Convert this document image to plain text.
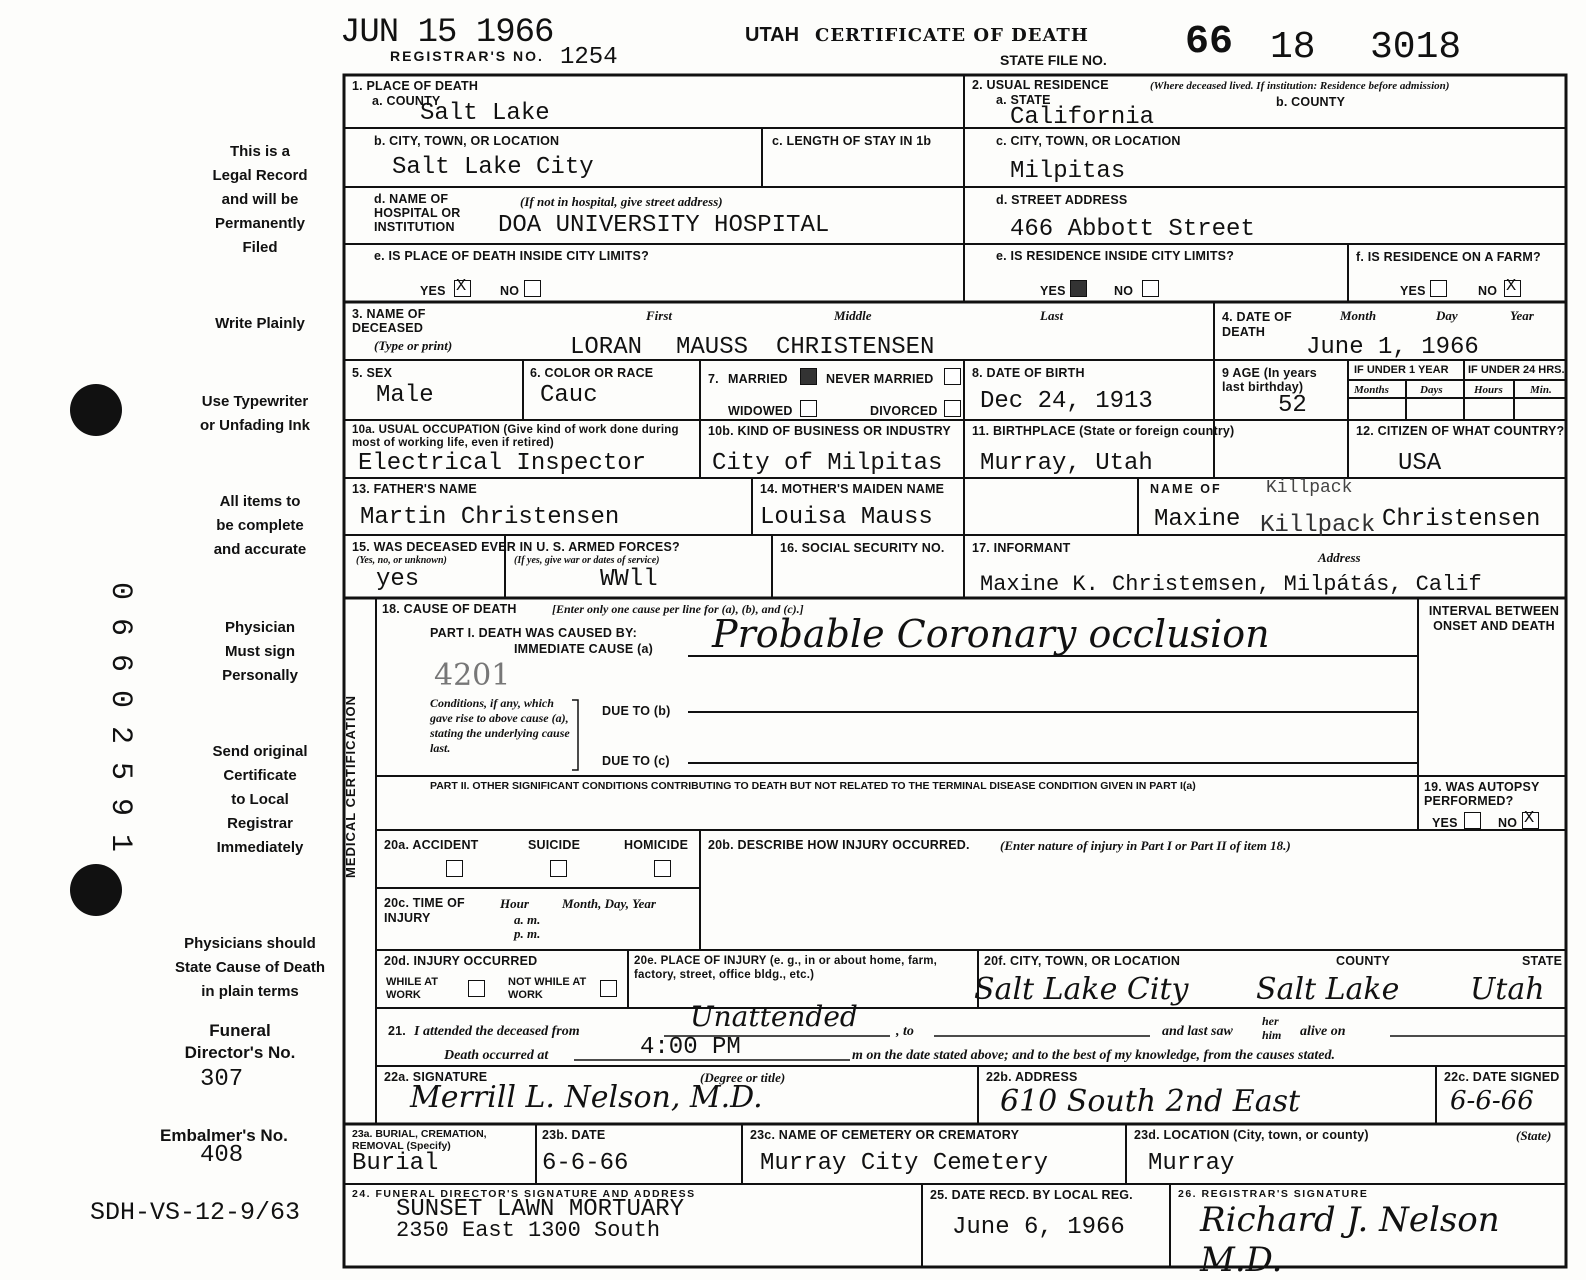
JUN 15 1966
REGISTRAR'S NO. 1254
UTAH CERTIFICATE OF DEATH
STATE FILE NO. 66 18 3018
This is a
Legal Record
and will be
Permanently
Filed
Write Plainly
Use Typewriter
or Unfading Ink
All items to
be complete
and accurate
Physician
Must sign
Personally
Send original
Certificate
to Local
Registrar
Immediately
Physicians should
State Cause of Death
in plain terms
Funeral
Director's No.
307
Embalmer's No.
408
SDH-VS-12-9/63
0 6 6 0 2 5 9 1
1. PLACE OF DEATH
a. COUNTY
Salt Lake
2. USUAL RESIDENCE	(Where deceased lived. If institution: Residence before admission)
a. STATE	b. COUNTY
California
b. CITY, TOWN, OR LOCATION
Salt Lake City
c. LENGTH OF STAY IN 1b	c. CITY, TOWN, OR LOCATION
Milpitas
d. NAME OF HOSPITAL OR INSTITUTION
(If not in hospital, give street address)
DOA UNIVERSITY HOSPITAL
d. STREET ADDRESS
466 Abbott Street
e. IS PLACE OF DEATH INSIDE CITY LIMITS?
YES
X	NO
e. IS RESIDENCE INSIDE CITY LIMITS?
YES	NO
f. IS RESIDENCE ON A FARM?
YES	NO
X
3. NAME OF DECEASED
(Type or print)
First	Middle	Last
LORAN MAUSS CHRISTENSEN
4. DATE OF DEATH
Month	Day	Year
June 1, 1966
5. SEX
Male
6. COLOR OR RACE
Cauc
7. MARRIED	NEVER MARRIED
WIDOWED	DIVORCED
8. DATE OF BIRTH
Dec 24, 1913
9 AGE (In years last birthday)
52
IF UNDER 1 YEAR IF UNDER 24 HRS.
Months	Days	Hours Min.
10a. USUAL OCCUPATION (Give kind of work done during most of working life, even if retired)
Electrical Inspector
10b. KIND OF BUSINESS OR INDUSTRY
City of Milpitas
11. BIRTHPLACE (State or foreign country)
Murray, Utah
12. CITIZEN OF WHAT COUNTRY?
USA
13. FATHER'S NAME
Martin Christensen
14. MOTHER'S MAIDEN NAME
Louisa Mauss
NAME OF Killpack
Maxine Killpack Christensen
15. WAS DECEASED EVER IN U. S. ARMED FORCES?
(Yes, no, or unknown)	(If yes, give war or dates of service)
yes	WWll
16. SOCIAL SECURITY NO. 17. INFORMANT
Address
Maxine K. Christemsen, Milpátás, Calif
MEDICAL CERTIFICATION
18. CAUSE OF DEATH	[Enter only one cause per line for (a), (b), and (c).]
PART I. DEATH WAS CAUSED BY:
IMMEDIATE CAUSE (a) Probable Coronary occlusion
4201
Conditions, if any, which gave rise to above cause (a), stating the underlying cause last.
DUE TO (b)
DUE TO (c)
INTERVAL BETWEEN ONSET AND DEATH
PART II. OTHER SIGNIFICANT CONDITIONS CONTRIBUTING TO DEATH BUT NOT RELATED TO THE TERMINAL DISEASE CONDITION GIVEN IN PART I(a)	19. WAS AUTOPSY PERFORMED?
YES	NO
X
20a. ACCIDENT	SUICIDE	HOMICIDE 20b. DESCRIBE HOW INJURY OCCURRED. (Enter nature of injury in Part I or Part II of item 18.)
20c. TIME OF INJURY
Hour
a. m.
p. m.
Month, Day, Year
20d. INJURY OCCURRED
WHILE AT WORK
NOT WHILE AT WORK
20e. PLACE OF INJURY (e. g., in or about home, farm, factory, street, office bldg., etc.)
20f. CITY, TOWN, OR LOCATION	COUNTY	STATE
Salt Lake City Salt Lake Utah
21. I attended the deceased from	Unattended	, to	and last saw
her
him alive on
Death occurred at	4:00 PM	m on the date stated above; and to the best of my knowledge, from the causes stated.
22a. SIGNATURE	(Degree or title)
Merrill L. Nelson, M.D.
22b. ADDRESS
610 South 2nd East
22c. DATE SIGNED
6-6-66
23a. BURIAL, CREMATION, REMOVAL (Specify)
Burial
23b. DATE
6-6-66
23c. NAME OF CEMETERY OR CREMATORY
Murray City Cemetery
23d. LOCATION (City, town, or county)	(State)
Murray
24. FUNERAL DIRECTOR'S SIGNATURE AND ADDRESS
SUNSET LAWN MORTUARY
2350 East 1300 South
25. DATE RECD. BY LOCAL REG.
June 6, 1966
26. REGISTRAR'S SIGNATURE
Richard J. Nelson M.D.
